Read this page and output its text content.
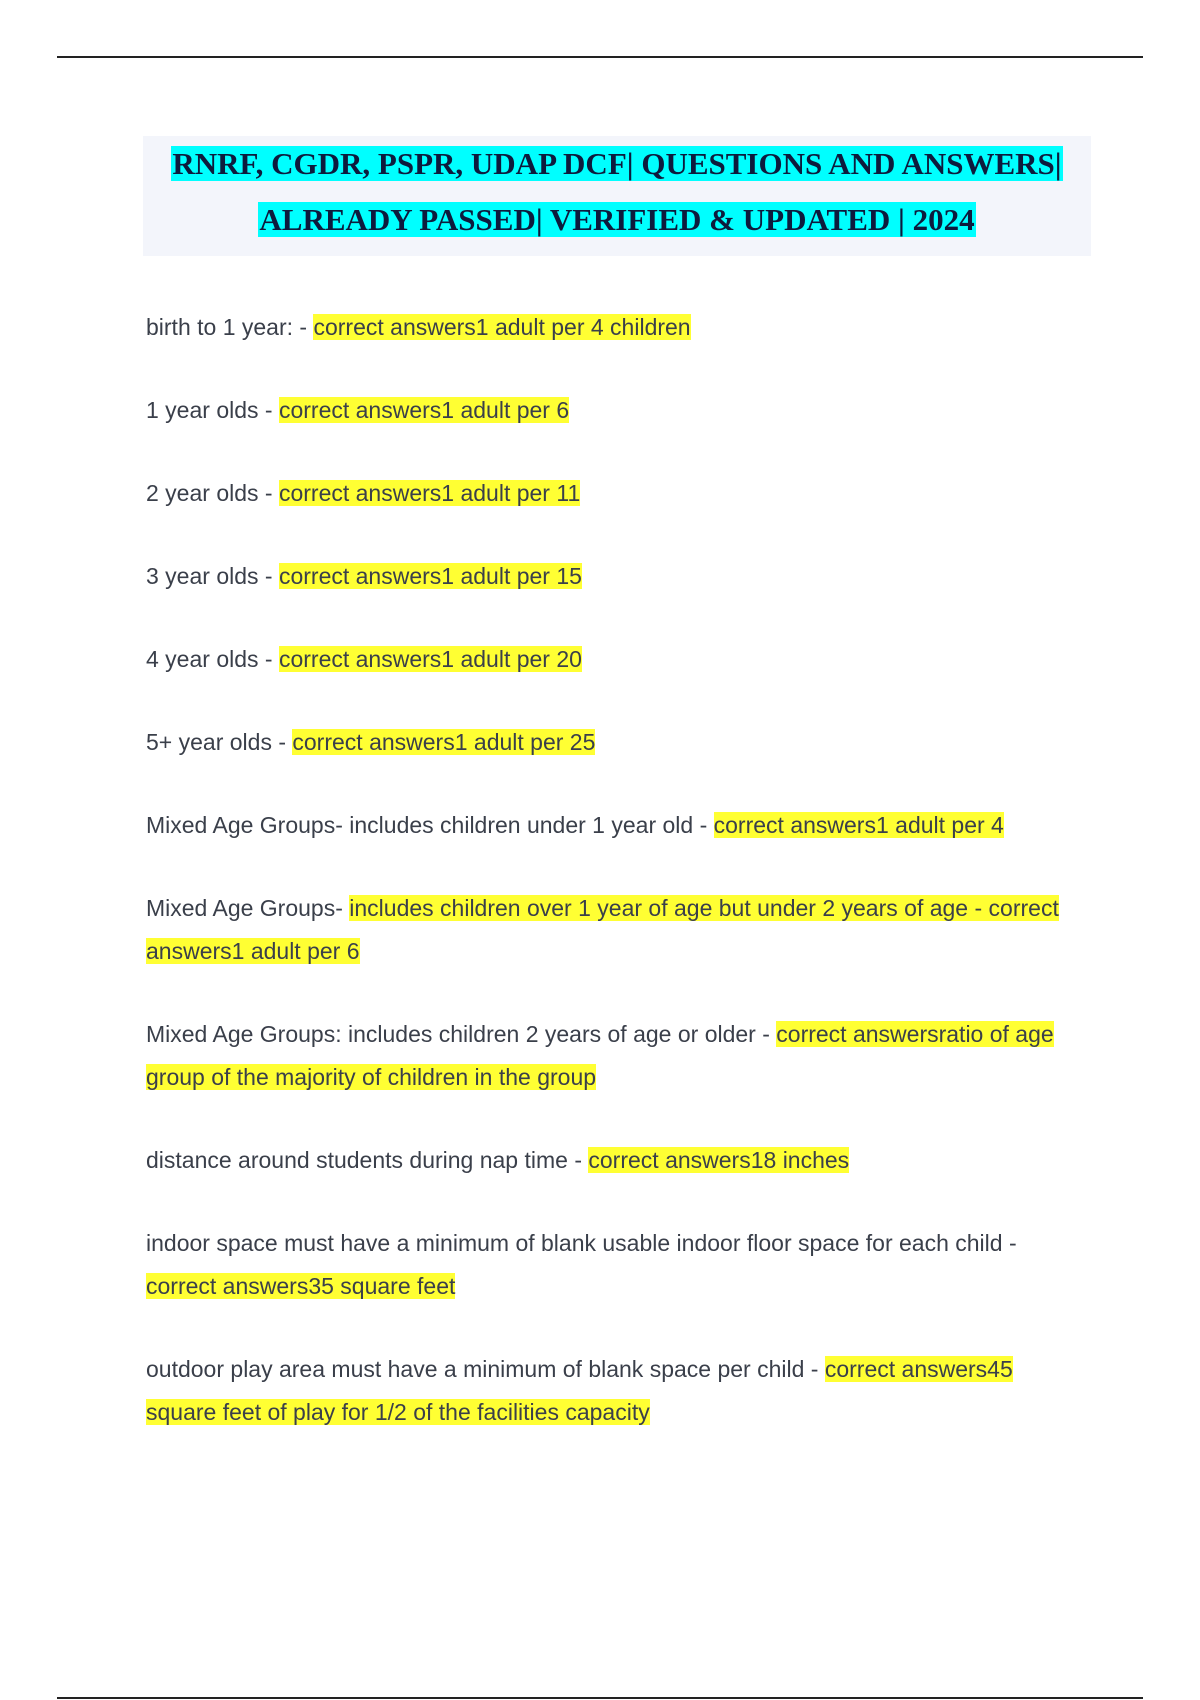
RNRF, CGDR, PSPR, UDAP DCF| QUESTIONS AND ANSWERS|
ALREADY PASSED| VERIFIED & UPDATED | 2024
birth to 1 year: - correct answers1 adult per 4 children
1 year olds - correct answers1 adult per 6
2 year olds - correct answers1 adult per 11
3 year olds - correct answers1 adult per 15
4 year olds - correct answers1 adult per 20
5+ year olds - correct answers1 adult per 25
Mixed Age Groups- includes children under 1 year old - correct answers1 adult per 4
Mixed Age Groups- includes children over 1 year of age but under 2 years of age - correct answers1 adult per 6
Mixed Age Groups: includes children 2 years of age or older - correct answersratio of age group of the majority of children in the group
distance around students during nap time - correct answers18 inches
indoor space must have a minimum of blank usable indoor floor space for each child - correct answers35 square feet
outdoor play area must have a minimum of blank space per child - correct answers45 square feet of play for 1/2 of the facilities capacity
